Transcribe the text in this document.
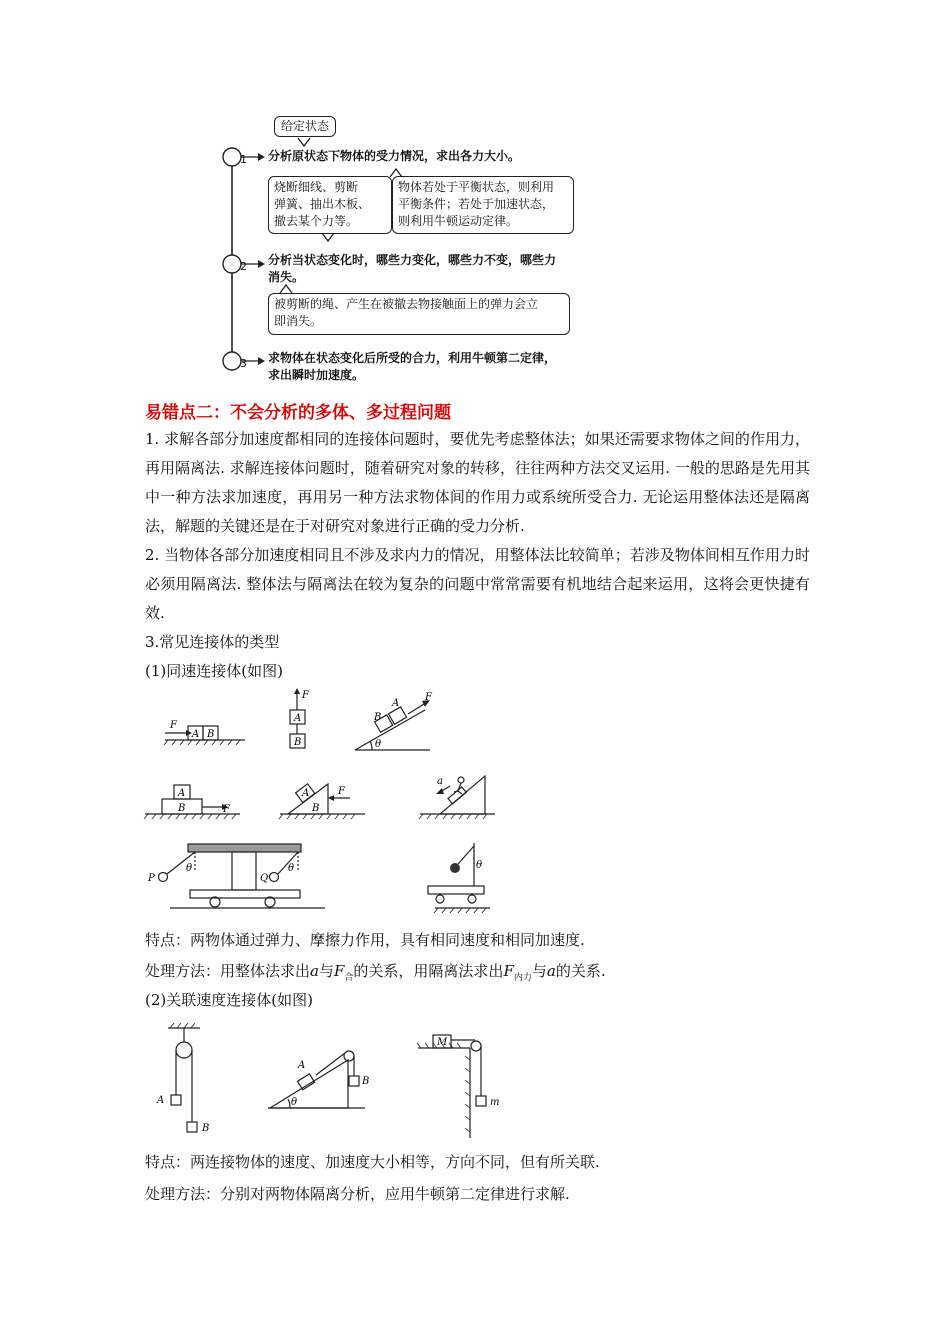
给定状态
分析原状态下物体的受力情况，求出各力大小。
1
烧断细线、剪断
弹簧、抽出木板、
撤去某个力等。
物体若处于平衡状态，则利用
平衡条件；若处于加速状态，
则利用牛顿运动定律。
分析当状态变化时，哪些力变化，哪些力不变，哪些力
消失。
2
被剪断的绳、产生在被撤去物接触面上的弹力会立
即消失。
求物体在状态变化后所受的合力，利用牛顿第二定律，
求出瞬时加速度。
3
易错点二：不会分析的多体、多过程问题
1. 求解各部分加速度都相同的连接体问题时，要优先考虑整体法；如果还需要求物体之间的作用力，再用隔离法. 求解连接体问题时，随着研究对象的转移，往往两种方法交叉运用. 一般的思路是先用其中一种方法求加速度，再用另一种方法求物体间的作用力或系统所受合力. 无论运用整体法还是隔离法，解题的关键还是在于对研究对象进行正确的受力分析.
2. 当物体各部分加速度相同且不涉及求内力的情况，用整体法比较简单；若涉及物体间相互作用力时必须用隔离法. 整体法与隔离法在较为复杂的问题中常常需要有机地结合起来运用，这将会更快捷有效.
3.常见连接体的类型
(1)同速连接体(如图)
F
A B
F
A
B
B
A
F
θ
A
B	F
A
B
F
a
P	Q
θ	θ	θ
特点：两物体通过弹力、摩擦力作用，具有相同速度和相同加速度.
处理方法：用整体法求出a与$F_合$的关系，用隔离法求出$F_{内力}$与a的关系.
(2)关联速度连接体(如图)
A
B
A
B
θ
M
m
特点：两连接物体的速度、加速度大小相等，方向不同，但有所关联.
处理方法：分别对两物体隔离分析，应用牛顿第二定律进行求解.
